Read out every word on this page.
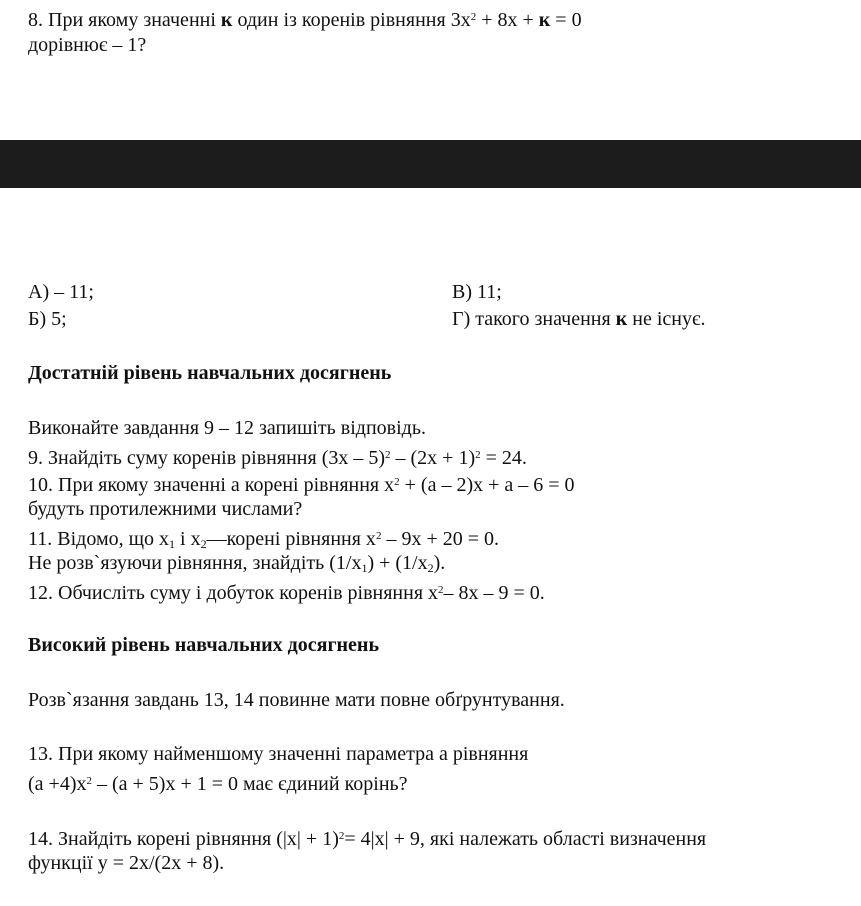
8. При якому значенні к один із коренів рівняння $3x^2 + 8x + к = 0$
дорівнює – 1?
А) – 11;	В) 11;
Б) 5;	Г) такого значення к не існує.
Достатній рівень навчальних досягнень
Виконайте завдання 9 – 12 запишіть відповідь.
9. Знайдіть суму коренів рівняння $(3x - 5)^2 - (2x + 1)^2 = 24$.
10. При якому значенні а корені рівняння $x^2 + (a - 2)x + a - 6 = 0$
будуть протилежними числами?
11. Відомо, що $x_1$ і $x_2—корені$ рівняння $x^2 - 9x + 20 = 0$.
Не розв`язуючи рівняння, знайдіть $(1/x_1) + (1/x_2)$.
12. Обчисліть суму і добуток коренів рівняння $x^2-$ 8x – 9 = 0.
Високий рівень навчальних досягнень
Розв`язання завдань 13, 14 повинне мати повне обґрунтування.
13. При якому найменшому значенні параметра а рівняння
$(a +4)x^2 - (a + 5)x + 1 = 0$ має єдиний корінь?
14. Знайдіть корені рівняння $(|x| + 1)^2= 4|x| + 9$, які належать області визначення
функції y = 2x/(2x + 8).
